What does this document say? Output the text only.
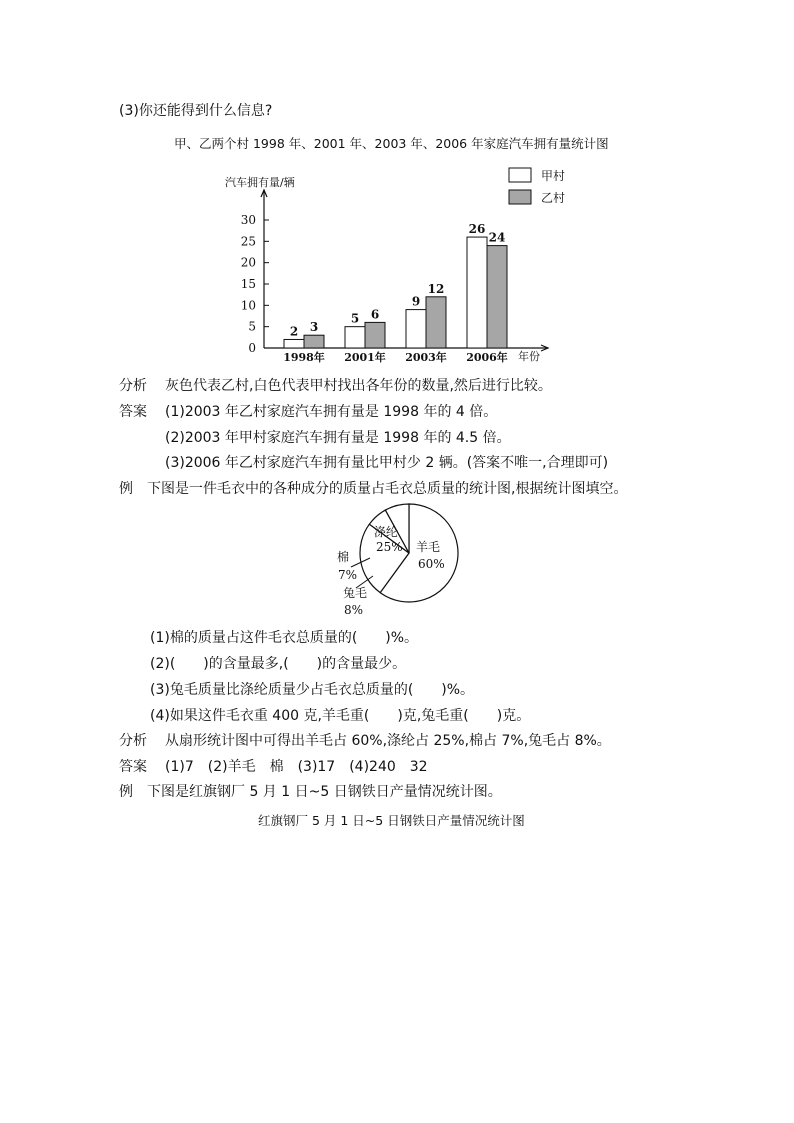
(3)你还能得到什么信息?
甲、乙两个村 1998 年、2001 年、2003 年、2006 年家庭汽车拥有量统计图
汽车拥有量/辆
年份
0
5
10
15
20
25
30
2 3
1998年
5 6
2001年
9
12
2003年
26
24
2006年
甲村
乙村
分析 灰色代表乙村,白色代表甲村找出各年份的数量,然后进行比较。
答案 (1)2003 年乙村家庭汽车拥有量是 1998 年的 4 倍。
(2)2003 年甲村家庭汽车拥有量是 1998 年的 4.5 倍。
(3)2006 年乙村家庭汽车拥有量比甲村少 2 辆。(答案不唯一,合理即可)
例 下图是一件毛衣中的各种成分的质量占毛衣总质量的统计图,根据统计图填空。
涤纶
25% 羊毛
60%
棉
7%
兔毛
8%
(1)棉的质量占这件毛衣总质量的(　　)%。
(2)(　　)的含量最多,(　　)的含量最少。
(3)兔毛质量比涤纶质量少占毛衣总质量的(　　)%。
(4)如果这件毛衣重 400 克,羊毛重(　　)克,兔毛重(　　)克。
分析 从扇形统计图中可得出羊毛占 60%,涤纶占 25%,棉占 7%,兔毛占 8%。
答案 (1)7　(2)羊毛　棉　(3)17　(4)240　32
例 下图是红旗钢厂 5 月 1 日~5 日钢铁日产量情况统计图。
红旗钢厂 5 月 1 日~5 日钢铁日产量情况统计图
